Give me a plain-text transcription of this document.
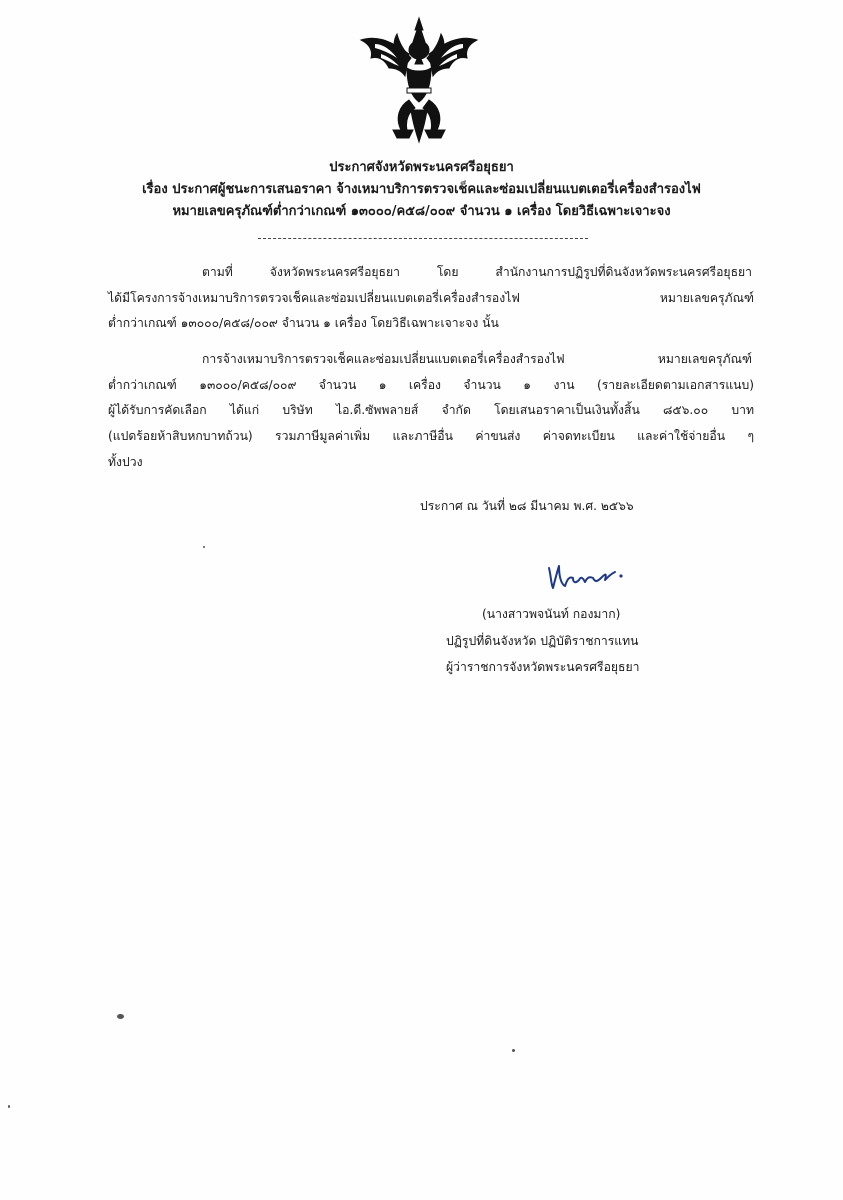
ประกาศจังหวัดพระนครศรีอยุธยา
เรื่อง ประกาศผู้ชนะการเสนอราคา จ้างเหมาบริการตรวจเช็คและซ่อมเปลี่ยนแบตเตอรี่เครื่องสำรองไฟ
หมายเลขครุภัณฑ์ต่ำกว่าเกณฑ์ ๑๓๐๐๐/ค๕๘/๐๐๙ จำนวน ๑ เครื่อง โดยวิธีเฉพาะเจาะจง
ตามที่ จังหวัดพระนครศรีอยุธยา โดย สำนักงานการปฏิรูปที่ดินจังหวัดพระนครศรีอยุธยา
ได้มีโครงการจ้างเหมาบริการตรวจเช็คและซ่อมเปลี่ยนแบตเตอรี่เครื่องสำรองไฟ หมายเลขครุภัณฑ์
ต่ำกว่าเกณฑ์ ๑๓๐๐๐/ค๕๘/๐๐๙ จำนวน ๑ เครื่อง โดยวิธีเฉพาะเจาะจง นั้น
การจ้างเหมาบริการตรวจเช็คและซ่อมเปลี่ยนแบตเตอรี่เครื่องสำรองไฟ หมายเลขครุภัณฑ์
ต่ำกว่าเกณฑ์ ๑๓๐๐๐/ค๕๘/๐๐๙ จำนวน ๑ เครื่อง จำนวน ๑ งาน (รายละเอียดตามเอกสารแนบ)
ผู้ได้รับการคัดเลือก ได้แก่ บริษัท ไอ.ดี.ซัพพลายส์ จำกัด โดยเสนอราคาเป็นเงินทั้งสิ้น ๘๕๖.๐๐ บาท
(แปดร้อยห้าสิบหกบาทถ้วน) รวมภาษีมูลค่าเพิ่ม และภาษีอื่น ค่าขนส่ง ค่าจดทะเบียน และค่าใช้จ่ายอื่น ๆ
ทั้งปวง
ประกาศ ณ วันที่ ๒๘ มีนาคม พ.ศ. ๒๕๖๖
(นางสาวพจนันท์ กองมาก)
ปฏิรูปที่ดินจังหวัด ปฏิบัติราชการแทน
ผู้ว่าราชการจังหวัดพระนครศรีอยุธยา
